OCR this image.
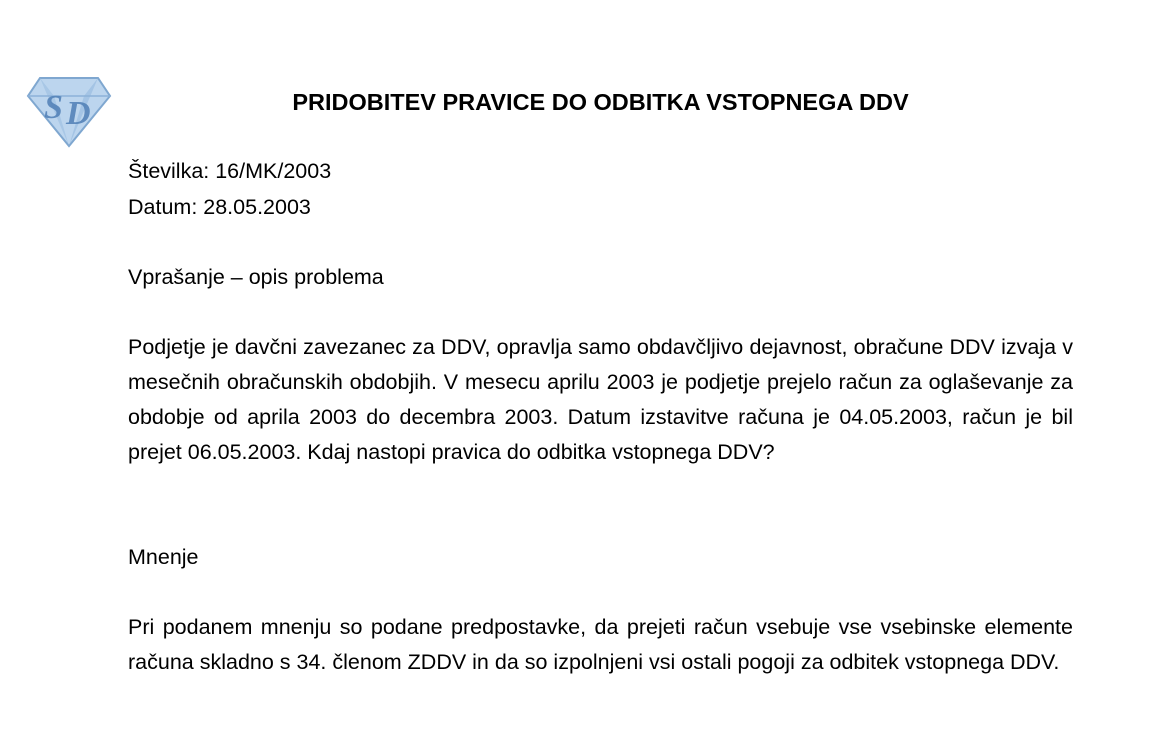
S D	PRIDOBITEV PRAVICE DO ODBITKA VSTOPNEGA DDV

Številka: 16/MK/2003

Datum: 28.05.2003

Vprašanje – opis problema

Podjetje je davčni zavezanec za DDV, opravlja samo obdavčljivo dejavnost, obračune DDV izvaja v mesečnih obračunskih obdobjih. V mesecu aprilu 2003 je podjetje prejelo račun za oglaševanje za obdobje od aprila 2003 do decembra 2003. Datum izstavitve računa je 04.05.2003, račun je bil prejet 06.05.2003. Kdaj nastopi pravica do odbitka vstopnega DDV?

Mnenje

Pri podanem mnenju so podane predpostavke, da prejeti račun vsebuje vse vsebinske elemente računa skladno s 34. členom ZDDV in da so izpolnjeni vsi ostali pogoji za odbitek vstopnega DDV.
